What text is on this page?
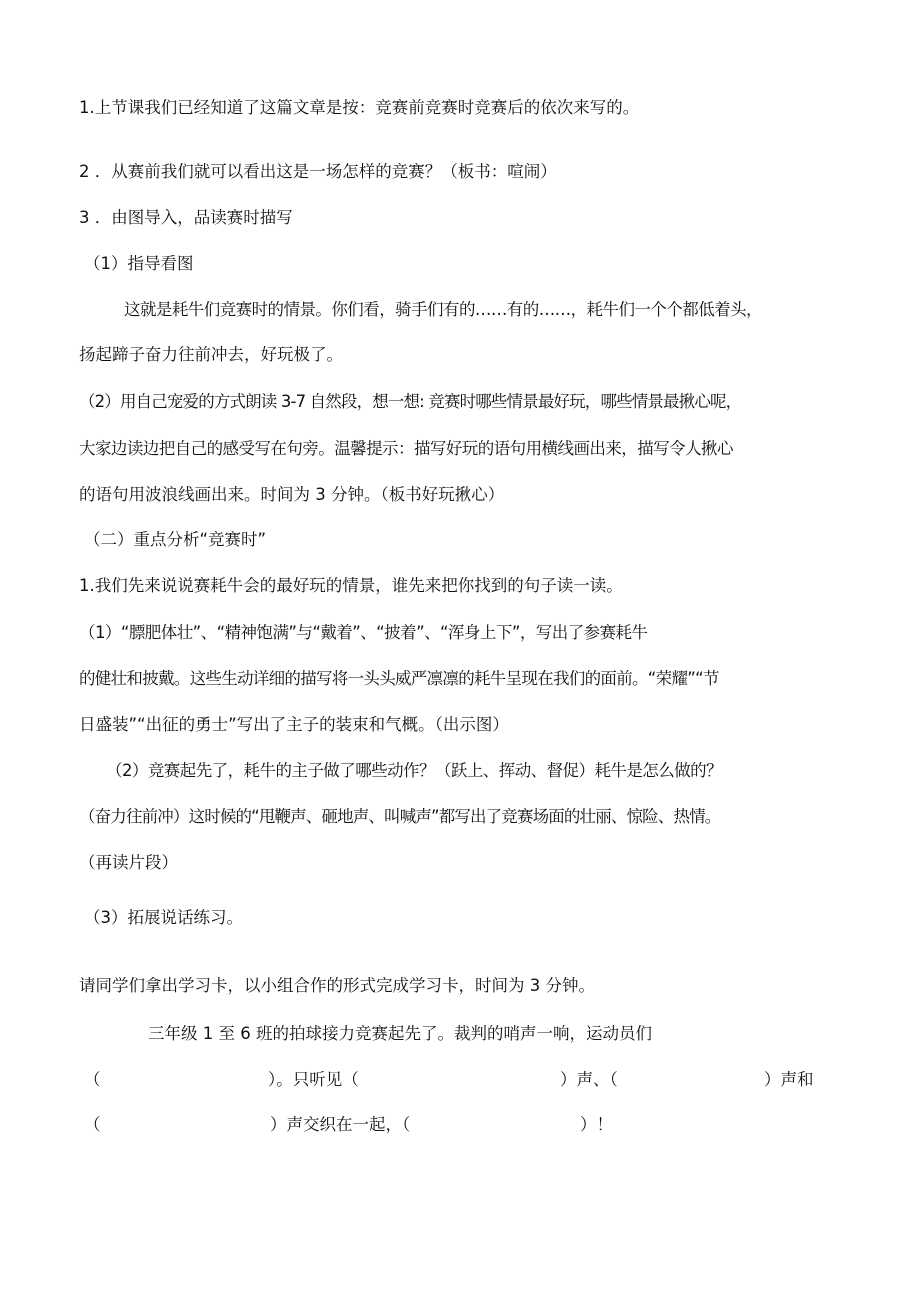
1.上节课我们已经知道了这篇文章是按：竞赛前竞赛时竞赛后的依次来写的。
2 ．从赛前我们就可以看出这是一场怎样的竞赛？（板书：喧闹）
3 ．由图导入，品读赛时描写
（1）指导看图
这就是耗牛们竞赛时的情景。你们看，骑手们有的……有的……，耗牛们一个个都低着头，
扬起蹄子奋力往前冲去，好玩极了。
（2）用自己宠爱的方式朗读 3-7 自然段，想一想: 竞赛时哪些情景最好玩，哪些情景最揪心呢，
大家边读边把自己的感受写在句旁。温馨提示：描写好玩的语句用横线画出来，描写令人揪心
的语句用波浪线画出来。时间为 3 分钟。（板书好玩揪心）
（二）重点分析“竞赛时”
1.我们先来说说赛耗牛会的最好玩的情景，谁先来把你找到的句子读一读。
（1）“膘肥体壮”、“精神饱满”与“戴着”、“披着”、“浑身上下”，写出了参赛耗牛
的健壮和披戴。这些生动详细的描写将一头头威严凛凛的耗牛呈现在我们的面前。“荣耀”“节
日盛装”“出征的勇士”写出了主子的装束和气概。（出示图）
（2）竞赛起先了，耗牛的主子做了哪些动作？（跃上、挥动、督促）耗牛是怎么做的？
（奋力往前冲）这时候的“甩鞭声、砸地声、叫喊声”都写出了竞赛场面的壮丽、惊险、热情。
（再读片段）
（3）拓展说话练习。
请同学们拿出学习卡，以小组合作的形式完成学习卡，时间为 3 分钟。
三年级 1 至 6 班的拍球接力竞赛起先了。裁判的哨声一响，运动员们
（	）。只听见（	）声、（	）声和
（	）声交织在一起，（	）！
